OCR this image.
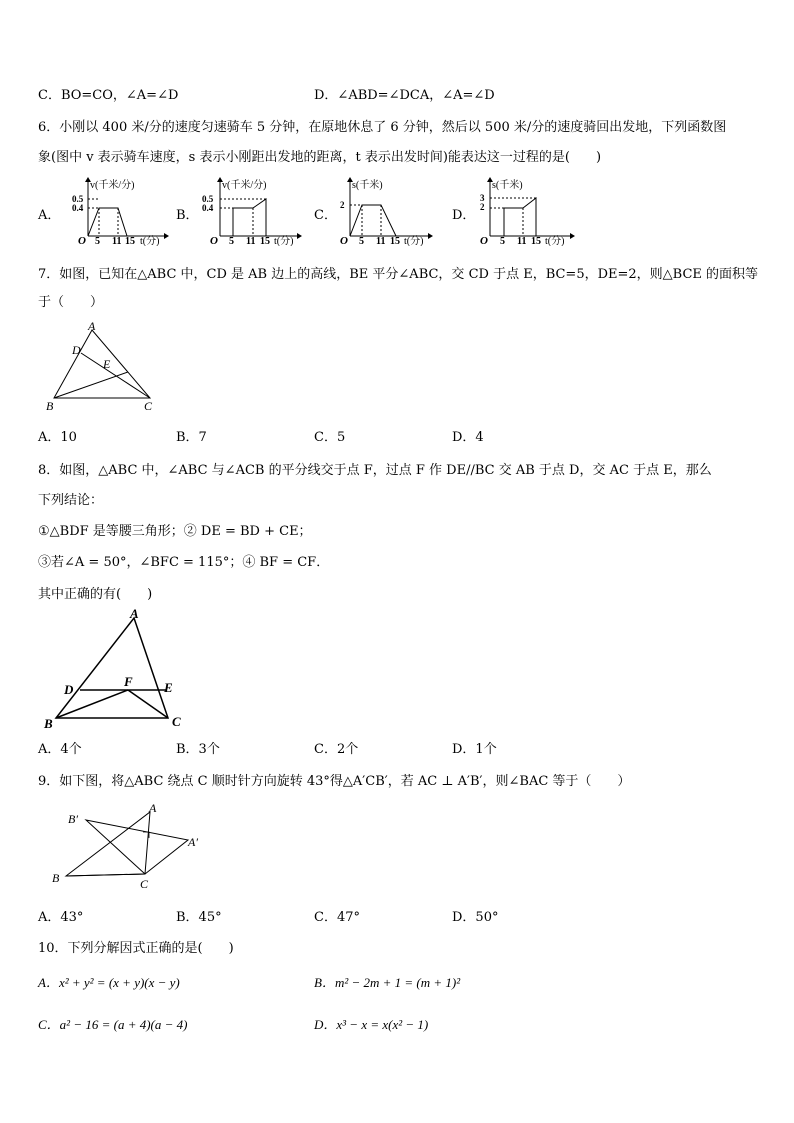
C．BO=CO，∠A=∠D	D．∠ABD=∠DCA，∠A=∠D
6．小刚以 400 米/分的速度匀速骑车 5 分钟，在原地休息了 6 分钟，然后以 500 米/分的速度骑回出发地，下列函数图
象(图中 v 表示骑车速度，s 表示小刚距出发地的距离，t 表示出发时间)能表达这一过程的是(　　)
A．
v(千米/分)
0.5
0.4
O 5 11 15 t(分)
B．
v(千米/分)
0.5
0.4
O 5 11 15 t(分)
C．
s(千米)
2
O 5 11 15 t(分)
D．
s(千米)
3
2
O 5 11 15 t(分)
7．如图，已知在△ABC 中，CD 是 AB 边上的高线，BE 平分∠ABC，交 CD 于点 E，BC=5，DE=2，则△BCE 的面积等
于（　　）
A
D
E
B	C
A．10	B．7	C．5	D．4
8．如图，△ABC 中，∠ABC 与∠ACB 的平分线交于点 F，过点 F 作 DE//BC 交 AB 于点 D，交 AC 于点 E，那么
下列结论：
①△BDF 是等腰三角形；② DE = BD + CE；
③若∠A = 50°，∠BFC = 115°；④ BF = CF．
其中正确的有(　　)
A
D
F E
B	C
A．4个	B．3个	C．2个	D．1个
9．如下图，将△ABC 绕点 C 顺时针方向旋转 43°得△A′CB′，若 AC ⊥ A′B′，则∠BAC 等于（　　）
B′
A
A′
B	C
A．43°	B．45°	C．47°	D．50°
10．下列分解因式正确的是(　　)
A．x² + y² = (x + y)(x − y)	B．m² − 2m + 1 = (m + 1)²
C．a² − 16 = (a + 4)(a − 4)	D．x³ − x = x(x² − 1)
